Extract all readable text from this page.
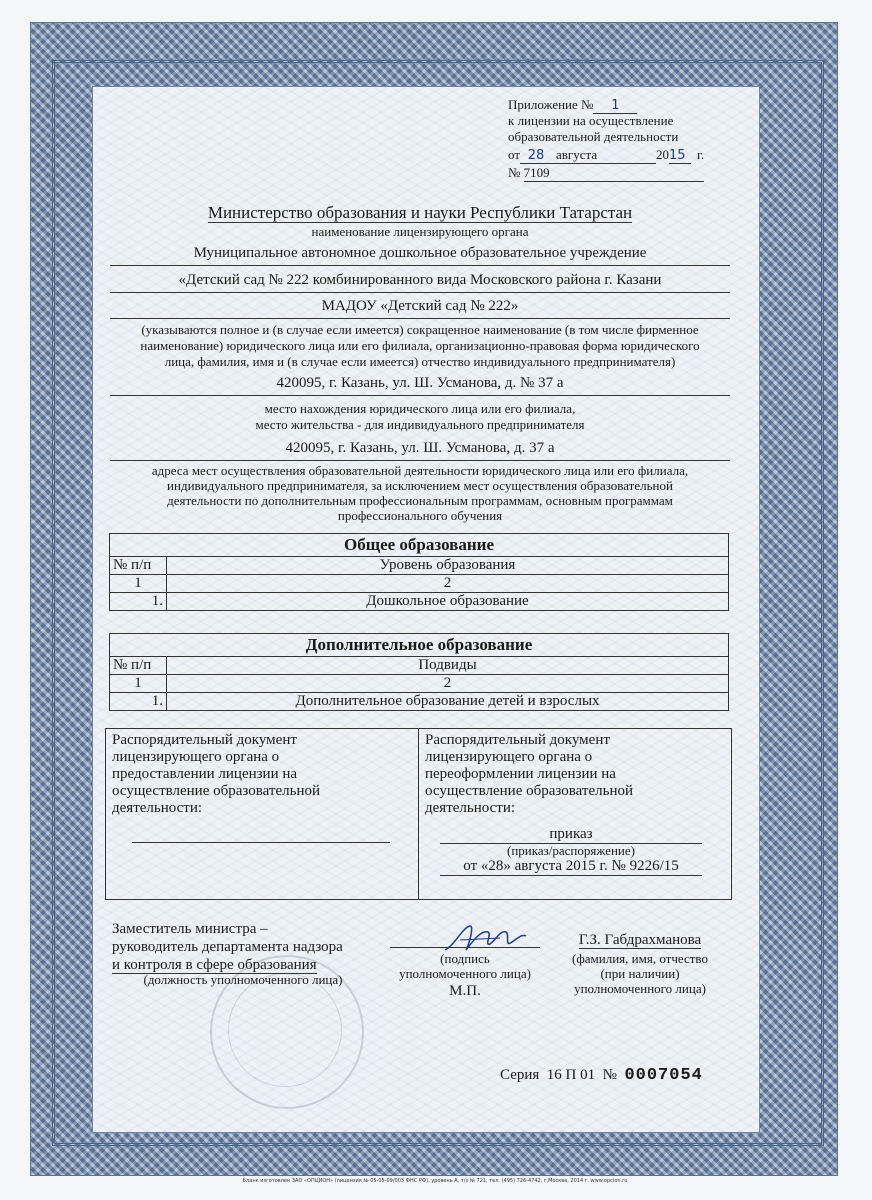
Приложение № 1
к лицензии на осуществление
образовательной деятельности
от 28 августа	2015 г.
№ 7109
Министерство образования и науки Республики Татарстан
наименование лицензирующего органа
Муниципальное автономное дошкольное образовательное учреждение
«Детский сад № 222 комбинированного вида Московского района г. Казани
МАДОУ «Детский сад № 222»
(указываются полное и (в случае если имеется) сокращенное наименование (в том числе фирменное
наименование) юридического лица или его филиала, организационно-правовая форма юридического
лица, фамилия, имя и (в случае если имеется) отчество индивидуального предпринимателя)
420095, г. Казань, ул. Ш. Усманова, д. № 37 а
место нахождения юридического лица или его филиала,
место жительства - для индивидуального предпринимателя
420095, г. Казань, ул. Ш. Усманова, д. 37 а
адреса мест осуществления образовательной деятельности юридического лица или его филиала,
индивидуального предпринимателя, за исключением мест осуществления образовательной
деятельности по дополнительным профессиональным программам, основным программам
профессионального обучения
Общее образование	
№ п/п	Уровень образования
1	2
1.	Дошкольное образование
Дополнительное образование	
№ п/п	Подвиды
1	2
1.	Дополнительное образование детей и взрослых
Распорядительный документ
лицензирующего органа о
предоставлении лицензии на
осуществление образовательной
деятельности:
Распорядительный документ
лицензирующего органа о
переоформлении лицензии на
осуществление образовательной
деятельности:
приказ
(приказ/распоряжение)
от «28» августа 2015 г. № 9226/15
Заместитель министра –
руководитель департамента надзора
и контроля в сфере образования
(должность уполномоченного лица)
(подпись
уполномоченного лица)
М.П.
Г.З. Габдрахманова
(фамилия, имя, отчество
(при наличии)
уполномоченного лица)
Серия 16 П 01 № 0007054
Бланк изготовлен ЗАО «ОПЦИОН» (лицензия № 05-05-09/003 ФНС РФ), уровень А, т/з № 721, тел. (495) 726-4742, г.Москва, 2014 г. www.opcion.ru
